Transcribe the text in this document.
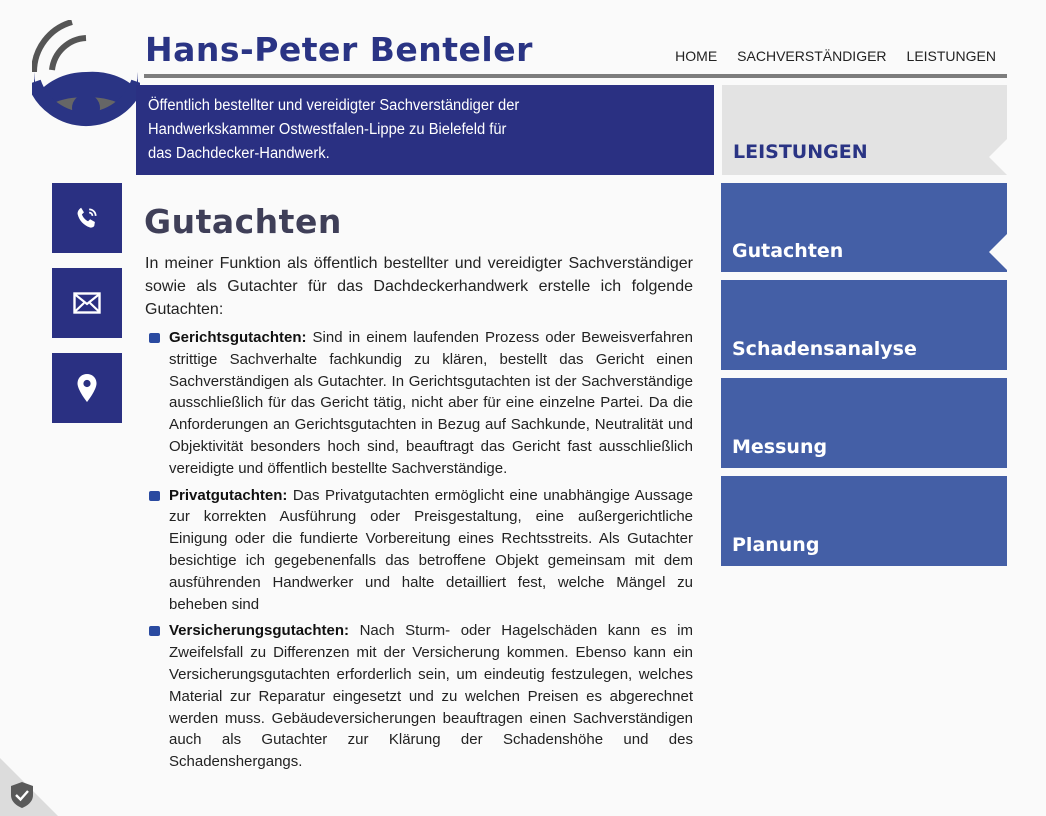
Hans-Peter Benteler	HOME SACHVERSTÄNDIGER LEISTUNGEN

Öffentlich bestellter und vereidigter Sachverständiger der Handwerkskammer Ostwestfalen-Lippe zu Bielefeld für das Dachdecker-Handwerk.

Gutachten

In meiner Funktion als öffentlich bestellter und vereidigter Sachverständiger sowie als Gutachter für das Dachdeckerhandwerk erstelle ich folgende Gutachten:

Gerichtsgutachten: Sind in einem laufenden Prozess oder Beweisverfahren strittige Sachverhalte fachkundig zu klären, bestellt das Gericht einen Sachverständigen als Gutachter. In Gerichtsgutachten ist der Sachverständige ausschließlich für das Gericht tätig, nicht aber für eine einzelne Partei. Da die Anforderungen an Gerichtsgutachten in Bezug auf Sachkunde, Neutralität und Objektivität besonders hoch sind, beauftragt das Gericht fast ausschließlich vereidigte und öffentlich bestellte Sachverständige.
Privatgutachten: Das Privatgutachten ermöglicht eine unabhängige Aussage zur korrekten Ausführung oder Preisgestaltung, eine außergerichtliche Einigung oder die fundierte Vorbereitung eines Rechtsstreits. Als Gutachter besichtige ich gegebenenfalls das betroffene Objekt gemeinsam mit dem ausführenden Handwerker und halte detailliert fest, welche Mängel zu beheben sind
Versicherungsgutachten: Nach Sturm- oder Hagelschäden kann es im Zweifelsfall zu Differenzen mit der Versicherung kommen. Ebenso kann ein Versicherungsgutachten erforderlich sein, um eindeutig festzulegen, welches Material zur Reparatur eingesetzt und zu welchen Preisen es abgerechnet werden muss. Gebäudeversicherungen beauftragen einen Sachverständigen auch als Gutachter zur Klärung der Schadenshöhe und des Schadenshergangs.
LEISTUNGEN
Gutachten
Schadensanalyse
Messung
Planung
